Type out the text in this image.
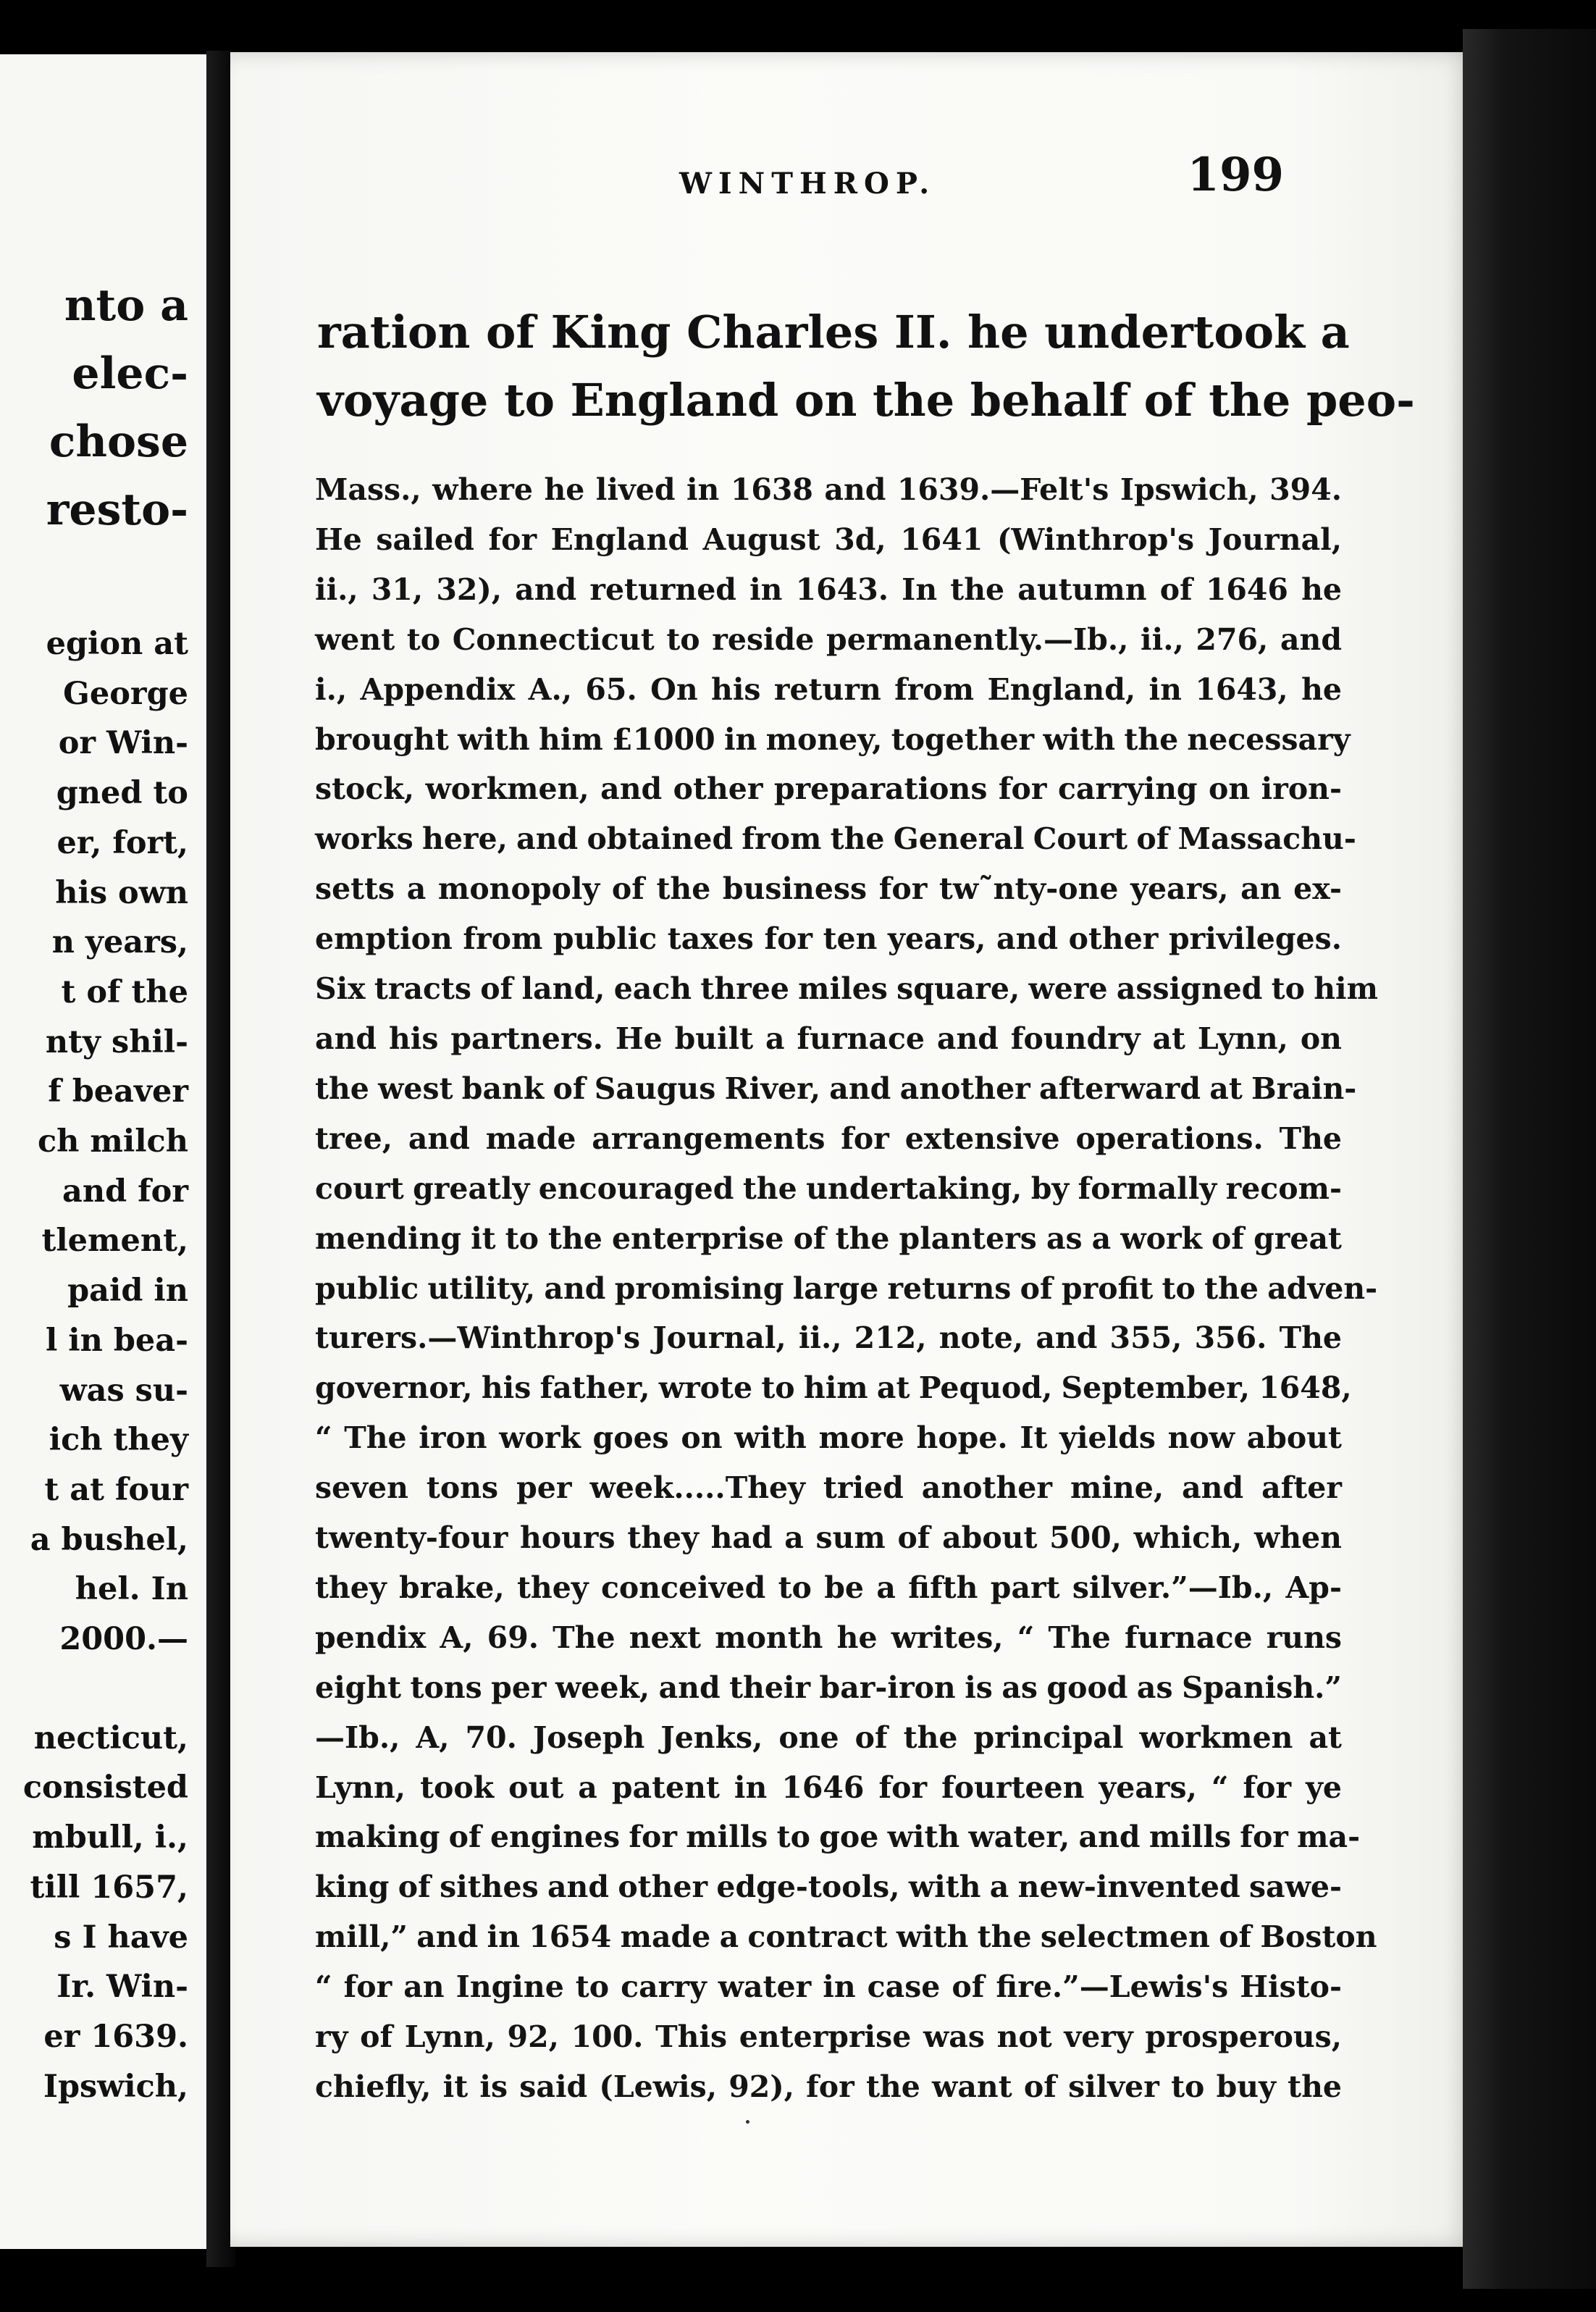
nto a
elec-
chose
resto-
egion at
George
or Win-
gned to
er, fort,
his own
n years,
t of the
nty shil-
f beaver
ch milch
and for
tlement,
paid in
l in bea-
was su-
ich they
t at four
a bushel,
hel. In
2000.—
necticut,
consisted
mbull, i.,
till 1657,
s I have
Ir. Win-
er 1639.
Ipswich,
WINTHROP.	199
ration of King Charles II. he undertook a
voyage to England on the behalf of the peo-
Mass., where he lived in 1638 and 1639.—Felt's Ipswich, 394.
He sailed for England August 3d, 1641 (Winthrop's Journal,
ii., 31, 32), and returned in 1643. In the autumn of 1646 he
went to Connecticut to reside permanently.—Ib., ii., 276, and
i., Appendix A., 65. On his return from England, in 1643, he
brought with him £1000 in money, together with the necessary
stock, workmen, and other preparations for carrying on iron-
works here, and obtained from the General Court of Massachu-
setts a monopoly of the business for tw⁠˜nty-one years, an ex-
emption from public taxes for ten years, and other privileges.
Six tracts of land, each three miles square, were assigned to him
and his partners. He built a furnace and foundry at Lynn, on
the west bank of Saugus River, and another afterward at Brain-
tree, and made arrangements for extensive operations. The
court greatly encouraged the undertaking, by formally recom-
mending it to the enterprise of the planters as a work of great
public utility, and promising large returns of profit to the adven-
turers.—Winthrop's Journal, ii., 212, note, and 355, 356. The
governor, his father, wrote to him at Pequod, September, 1648,
“ The iron work goes on with more hope. It yields now about
seven tons per week.....They tried another mine, and after
twenty-four hours they had a sum of about 500, which, when
they brake, they conceived to be a fifth part silver.”—Ib., Ap-
pendix A, 69. The next month he writes, “ The furnace runs
eight tons per week, and their bar-iron is as good as Spanish.”
—Ib., A, 70. Joseph Jenks, one of the principal workmen at
Lynn, took out a patent in 1646 for fourteen years, “ for ye
making of engines for mills to goe with water, and mills for ma-
king of sithes and other edge-tools, with a new-invented sawe-
mill,” and in 1654 made a contract with the selectmen of Boston
“ for an Ingine to carry water in case of fire.”—Lewis's Histo-
ry of Lynn, 92, 100. This enterprise was not very prosperous,
chiefly, it is said (Lewis, 92), for the want of silver to buy the
